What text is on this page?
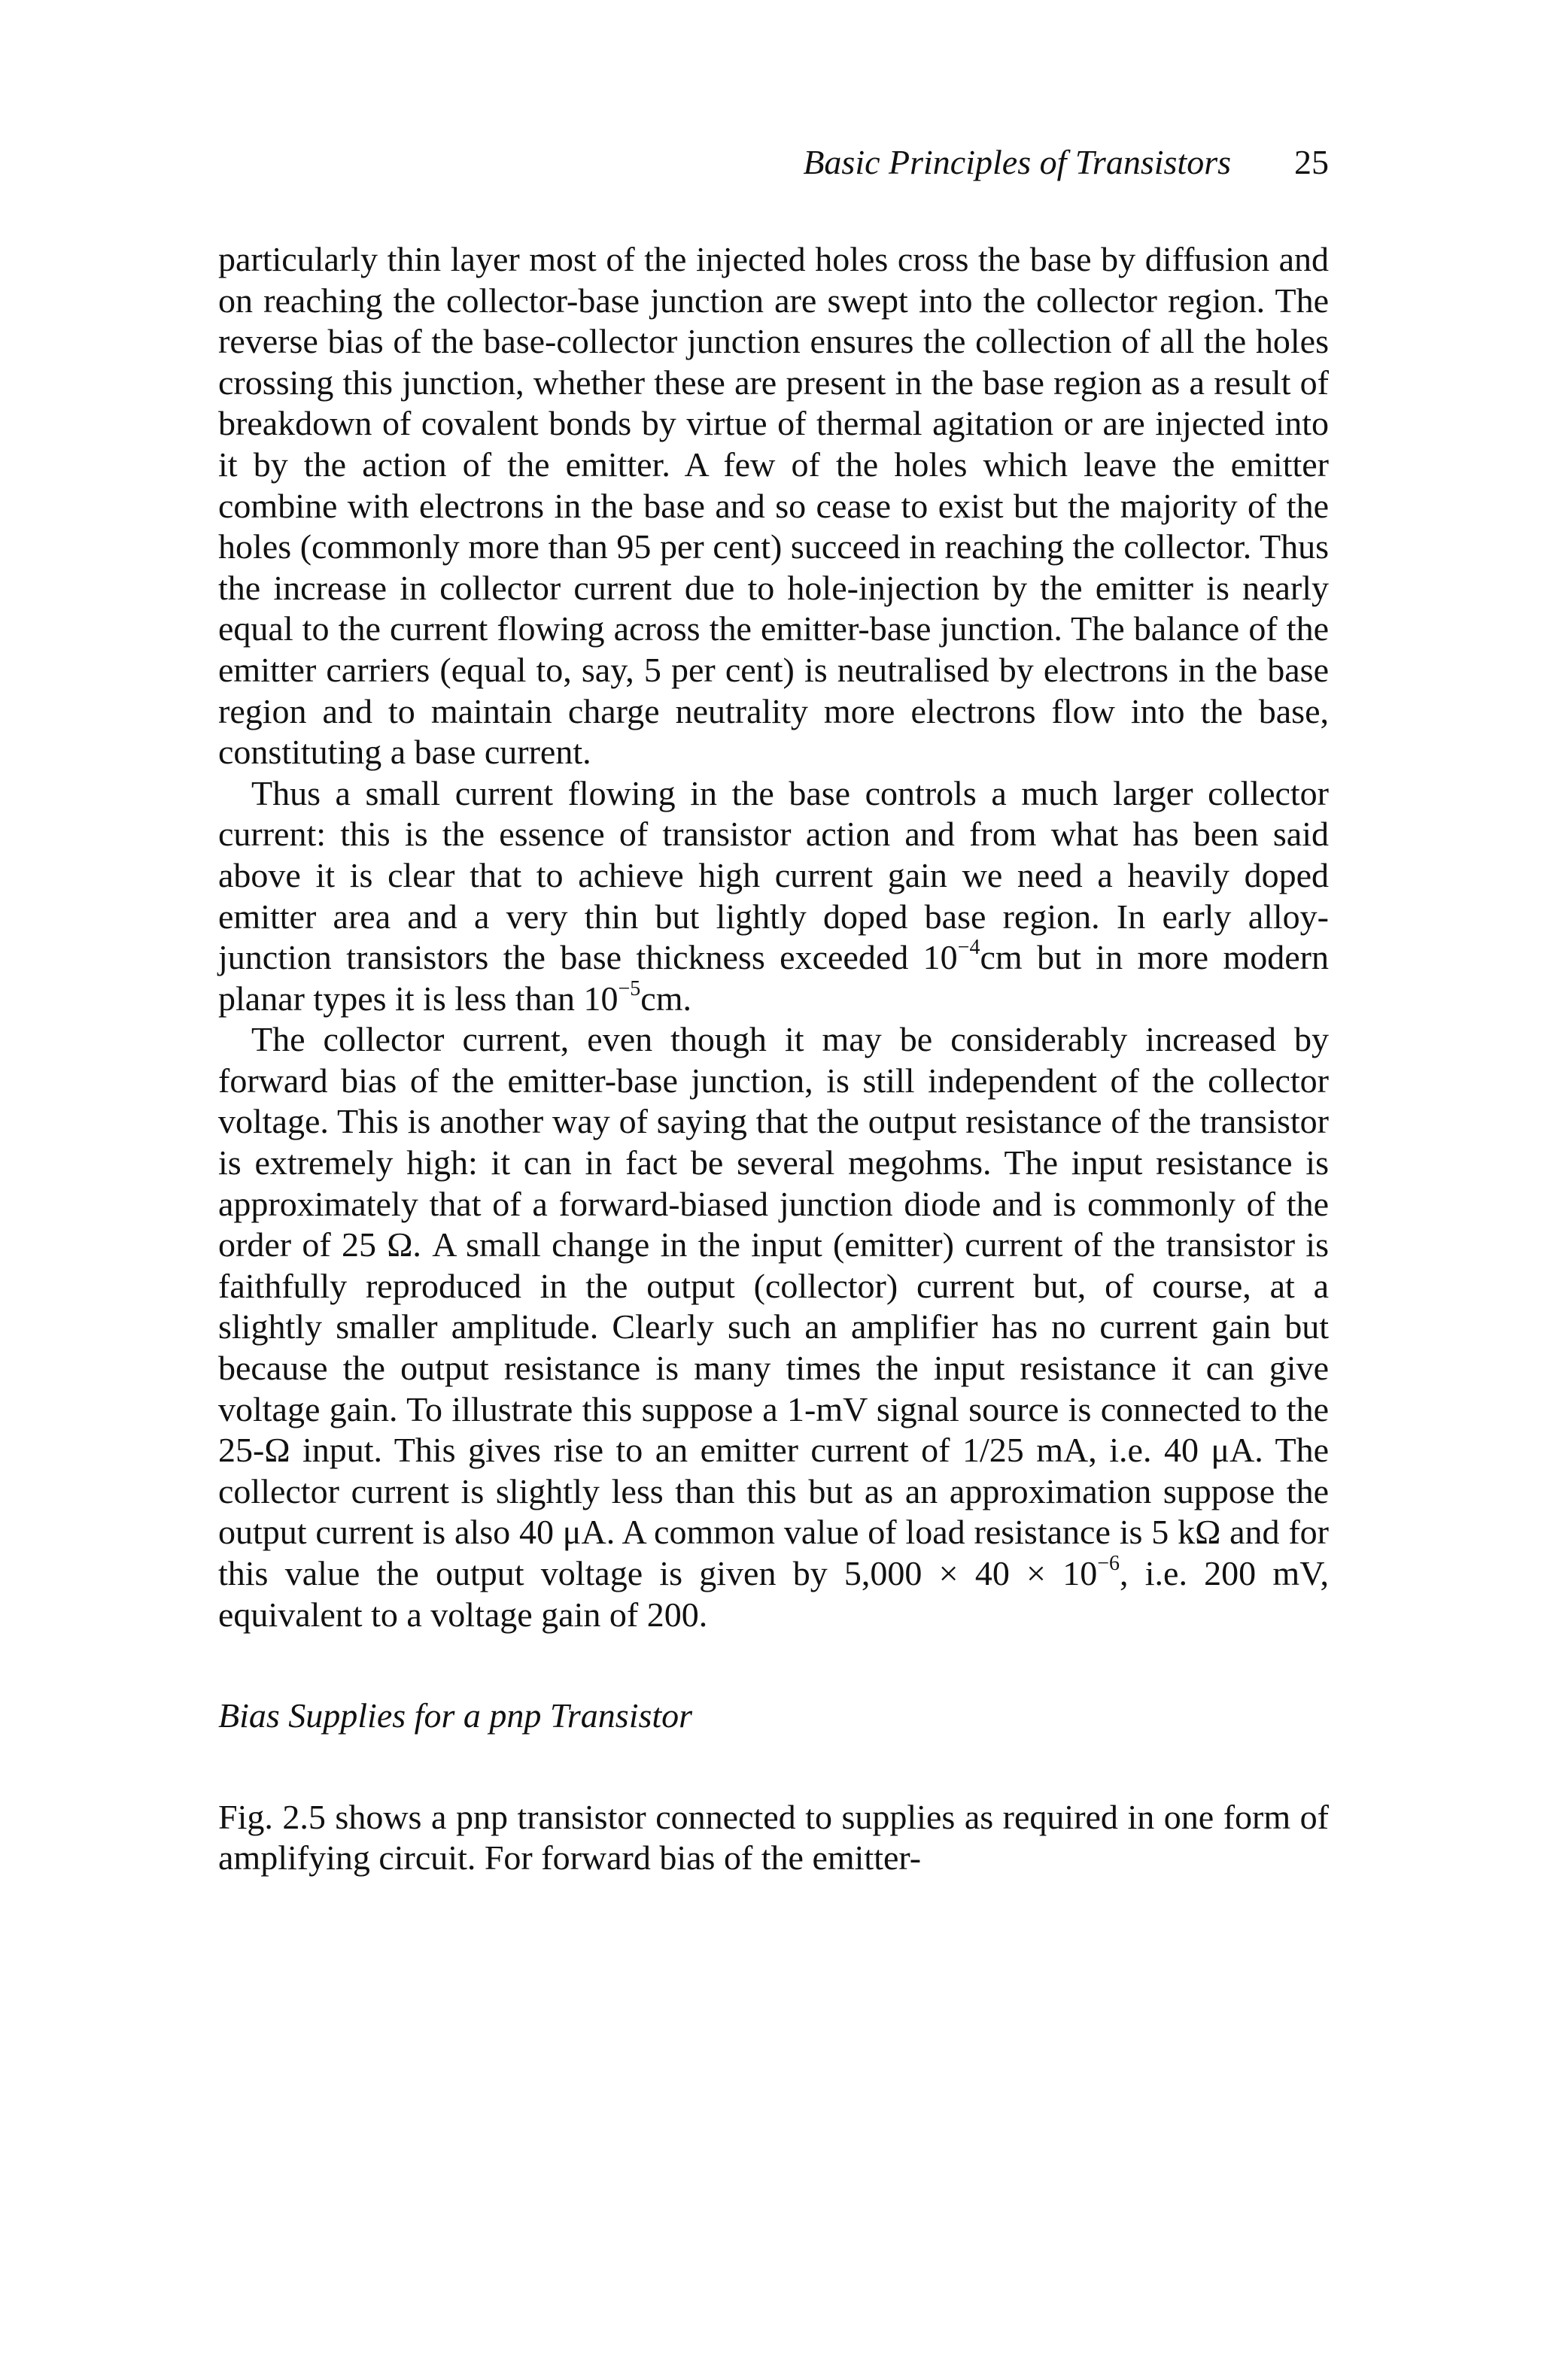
Basic Principles of Transistors 25

particularly thin layer most of the injected holes cross the base by diffusion and on reaching the collector-base junction are swept into the collector region. The reverse bias of the base-collector junction ensures the collection of all the holes crossing this junction, whether these are present in the base region as a result of breakdown of covalent bonds by virtue of thermal agitation or are injected into it by the action of the emitter. A few of the holes which leave the emitter combine with electrons in the base and so cease to exist but the majority of the holes (commonly more than 95 per cent) succeed in reaching the collector. Thus the increase in collector current due to hole-injection by the emitter is nearly equal to the current flowing across the emitter-base junction. The balance of the emitter carriers (equal to, say, 5 per cent) is neutralised by electrons in the base region and to maintain charge neutrality more electrons flow into the base, constituting a base current.

Thus a small current flowing in the base controls a much larger collector current: this is the essence of transistor action and from what has been said above it is clear that to achieve high current gain we need a heavily doped emitter area and a very thin but lightly doped base region. In early alloy-junction transistors the base thickness exceeded $10^{-4}cm$ but in more modern planar types it is less than $10^{-5}cm$.

The collector current, even though it may be considerably increased by forward bias of the emitter-base junction, is still independent of the collector voltage. This is another way of saying that the output resistance of the transistor is extremely high: it can in fact be several megohms. The input resistance is approximately that of a forward-biased junction diode and is commonly of the order of 25 Ω. A small change in the input (emitter) current of the transistor is faithfully reproduced in the output (collector) current but, of course, at a slightly smaller amplitude. Clearly such an amplifier has no current gain but because the output resistance is many times the input resistance it can give voltage gain. To illustrate this suppose a 1-mV signal source is connected to the 25-Ω input. This gives rise to an emitter current of 1/25 mA, i.e. 40 μA. The collector current is slightly less than this but as an approximation suppose the output current is also 40 μA. A common value of load resistance is 5 kΩ and for this value the output voltage is given by $5,000 \times 40 \times 10^{-6}$, i.e. 200 mV, equivalent to a voltage gain of 200.

Bias Supplies for a pnp Transistor

Fig. 2.5 shows a pnp transistor connected to supplies as required in one form of amplifying circuit. For forward bias of the emitter-
